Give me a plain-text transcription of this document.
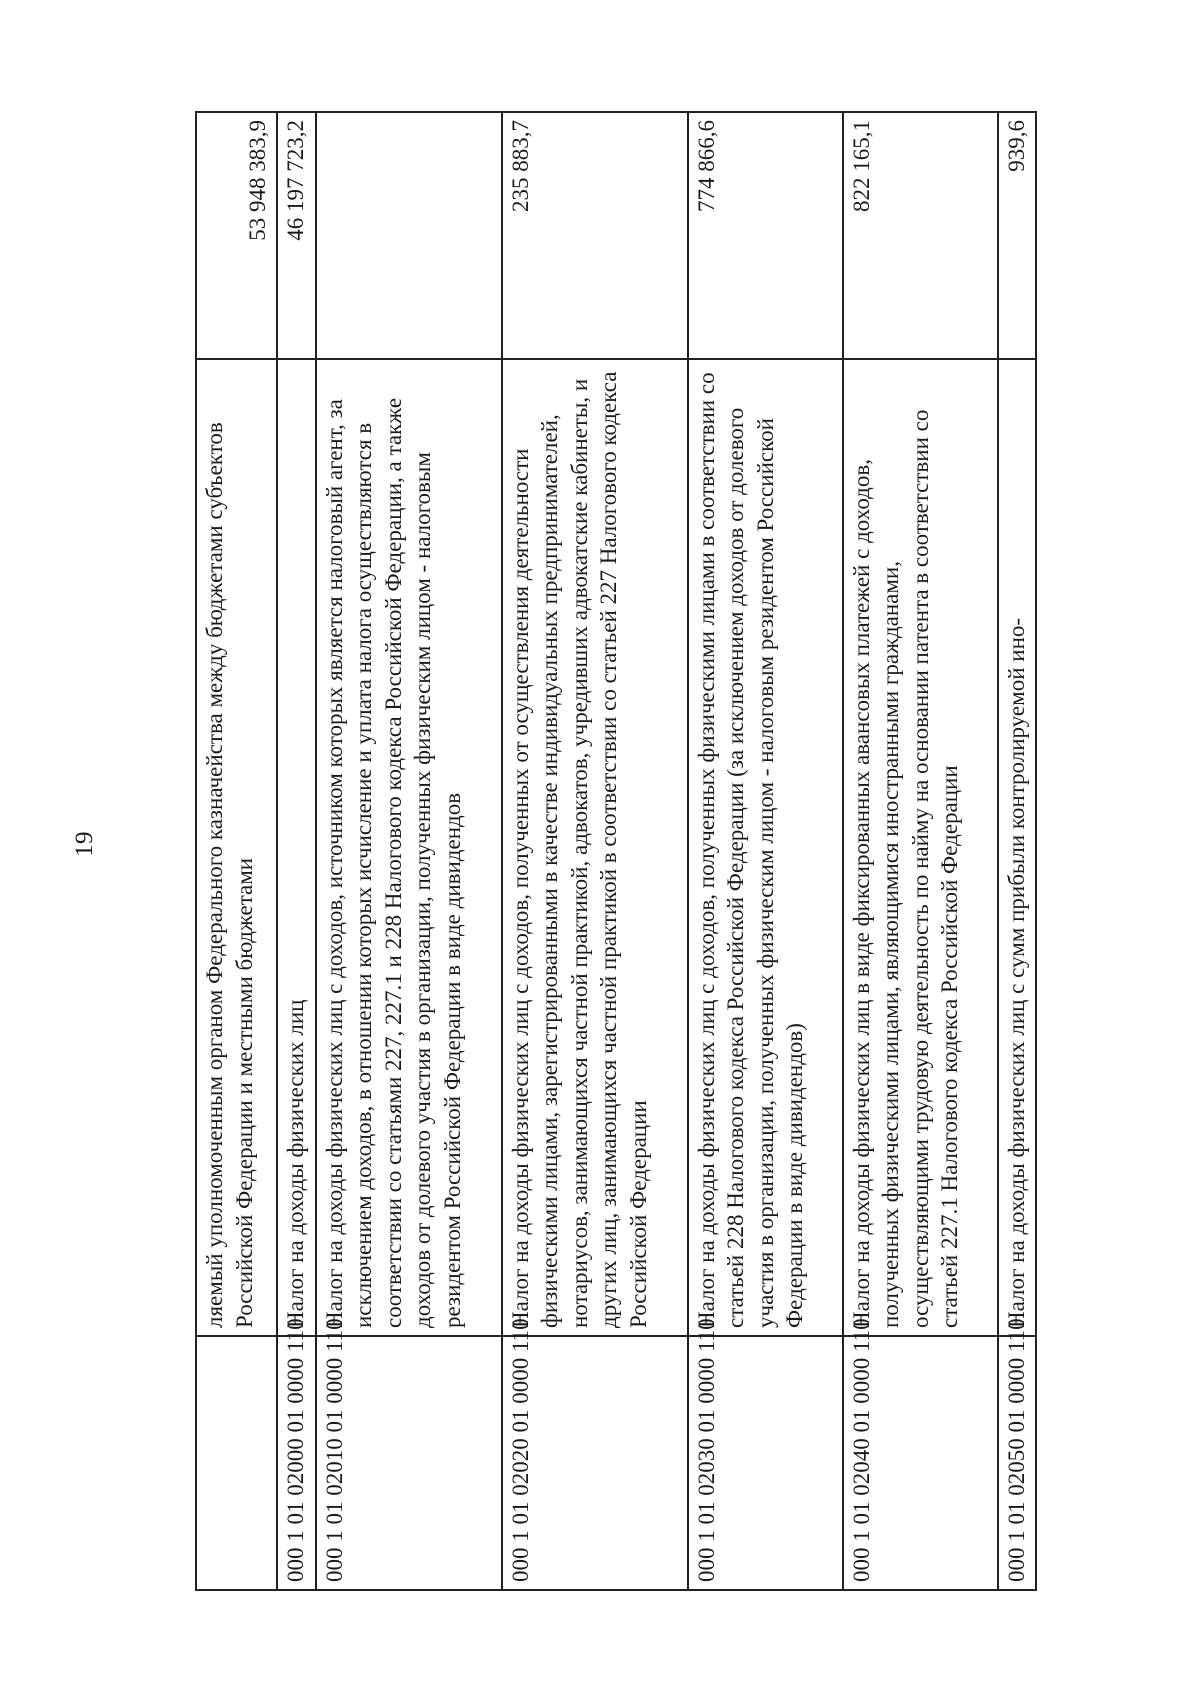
19
		ляемый уполномоченным органом Федерального казначейства между бюджетами субъектов Российской Федерации и местными бюджетами	53 948 383,9
000 1 01 02000 01 0000 110	Налог на доходы физических лиц	46 197 723,2
000 1 01 02010 01 0000 110	Налог на доходы физических лиц с доходов, источником которых является налоговый агент, за исключением доходов, в отношении которых исчисление и уплата налога осуществляются в соответствии со статьями 227, 227.1 и 228 Налогового кодекса Российской Федерации, а также доходов от долевого участия в организации, полученных физическим лицом - налоговым резидентом Российской Федерации в виде дивидендов	
000 1 01 02020 01 0000 110	Налог на доходы физических лиц с доходов, полученных от осуществления деятельности физическими лицами, зарегистрированными в качестве индивидуальных предпринимателей, нотариусов, занимающихся частной практикой, адвокатов, учредивших адвокатские кабинеты, и других лиц, занимающихся частной практикой в соответствии со статьей 227 Налогового кодекса Российской Федерации	235 883,7
000 1 01 02030 01 0000 110	Налог на доходы физических лиц с доходов, полученных физическими лицами в соответствии со статьей 228 Налогового кодекса Российской Федерации (за исключением доходов от долевого участия в организации, полученных физическим лицом - налоговым резидентом Российской Федерации в виде дивидендов)	774 866,6
000 1 01 02040 01 0000 110	Налог на доходы физических лиц в виде фиксированных авансовых платежей с доходов, полученных физическими лицами, являющимися иностранными гражданами, осуществляющими трудовую деятельность по найму на основании патента в соответствии со статьей 227.1 Налогового кодекса Российской Федерации	822 165,1
000 1 01 02050 01 0000 110	Налог на доходы физических лиц с сумм прибыли контролируемой ино-	939,6
